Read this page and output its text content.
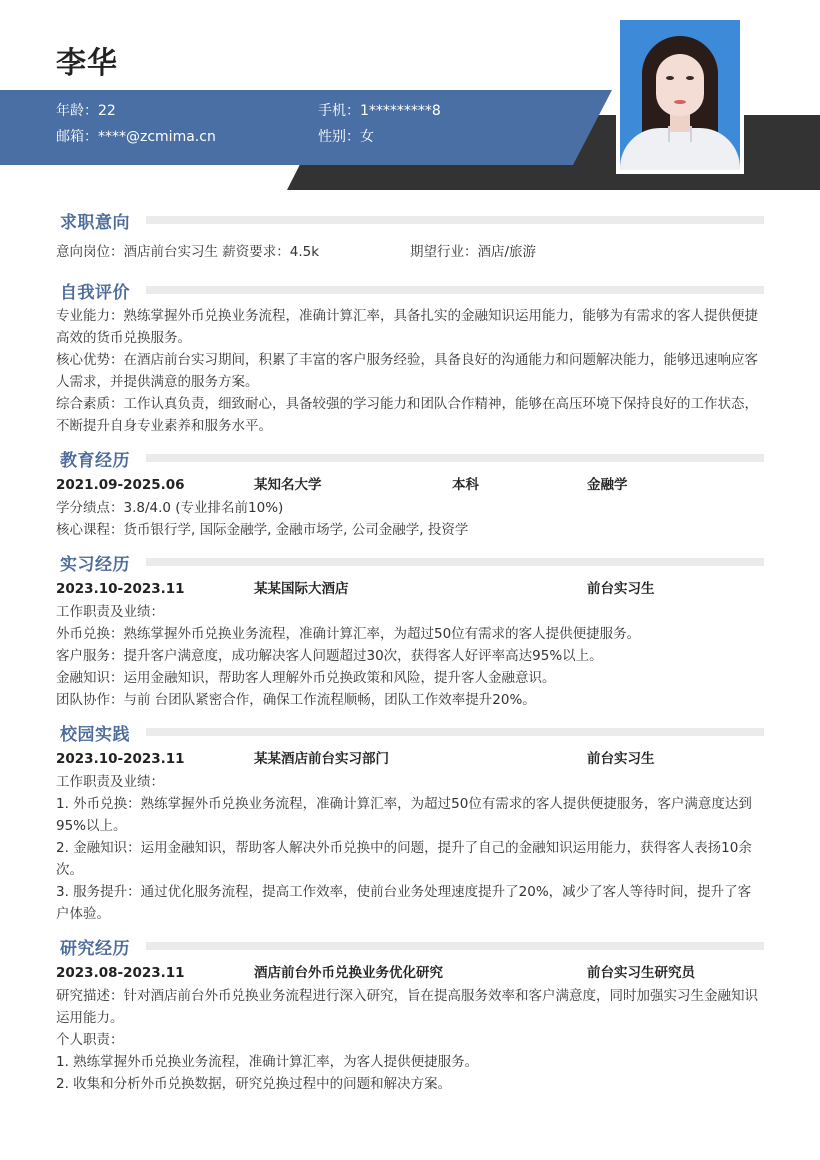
李华
年龄：22
邮箱：****@zcmima.cn
手机：1*********8
性别：女
求职意向
意向岗位：酒店前台实习生 薪资要求：4.5k	期望行业：酒店/旅游
自我评价
专业能力：熟练掌握外币兑换业务流程，准确计算汇率，具备扎实的金融知识运用能力，能够为有需求的客人提供便捷高效的货币兑换服务。
核心优势：在酒店前台实习期间，积累了丰富的客户服务经验，具备良好的沟通能力和问题解决能力，能够迅速响应客人需求，并提供满意的服务方案。
综合素质：工作认真负责，细致耐心，具备较强的学习能力和团队合作精神，能够在高压环境下保持良好的工作状态，不断提升自身专业素养和服务水平。
教育经历
2021.09-2025.06	某知名大学	本科	金融学
学分绩点：3.8/4.0 (专业排名前10%)
核心课程：货币银行学, 国际金融学, 金融市场学, 公司金融学, 投资学
实习经历
2023.10-2023.11	某某国际大酒店	前台实习生
工作职责及业绩：
外币兑换：熟练掌握外币兑换业务流程，准确计算汇率，为超过50位有需求的客人提供便捷服务。
客户服务：提升客户满意度，成功解决客人问题超过30次，获得客人好评率高达95%以上。
金融知识：运用金融知识，帮助客人理解外币兑换政策和风险，提升客人金融意识。
团队协作：与前 台团队紧密合作，确保工作流程顺畅，团队工作效率提升20%。
校园实践
2023.10-2023.11	某某酒店前台实习部门	前台实习生
工作职责及业绩：
1. 外币兑换：熟练掌握外币兑换业务流程，准确计算汇率，为超过50位有需求的客人提供便捷服务，客户满意度达到95%以上。
2. 金融知识：运用金融知识，帮助客人解决外币兑换中的问题，提升了自己的金融知识运用能力，获得客人表扬10余次。
3. 服务提升：通过优化服务流程，提高工作效率，使前台业务处理速度提升了20%，减少了客人等待时间，提升了客户体验。
研究经历
2023.08-2023.11	酒店前台外币兑换业务优化研究	前台实习生研究员
研究描述：针对酒店前台外币兑换业务流程进行深入研究，旨在提高服务效率和客户满意度，同时加强实习生金融知识运用能力。
个人职责：
1. 熟练掌握外币兑换业务流程，准确计算汇率，为客人提供便捷服务。
2. 收集和分析外币兑换数据，研究兑换过程中的问题和解决方案。
